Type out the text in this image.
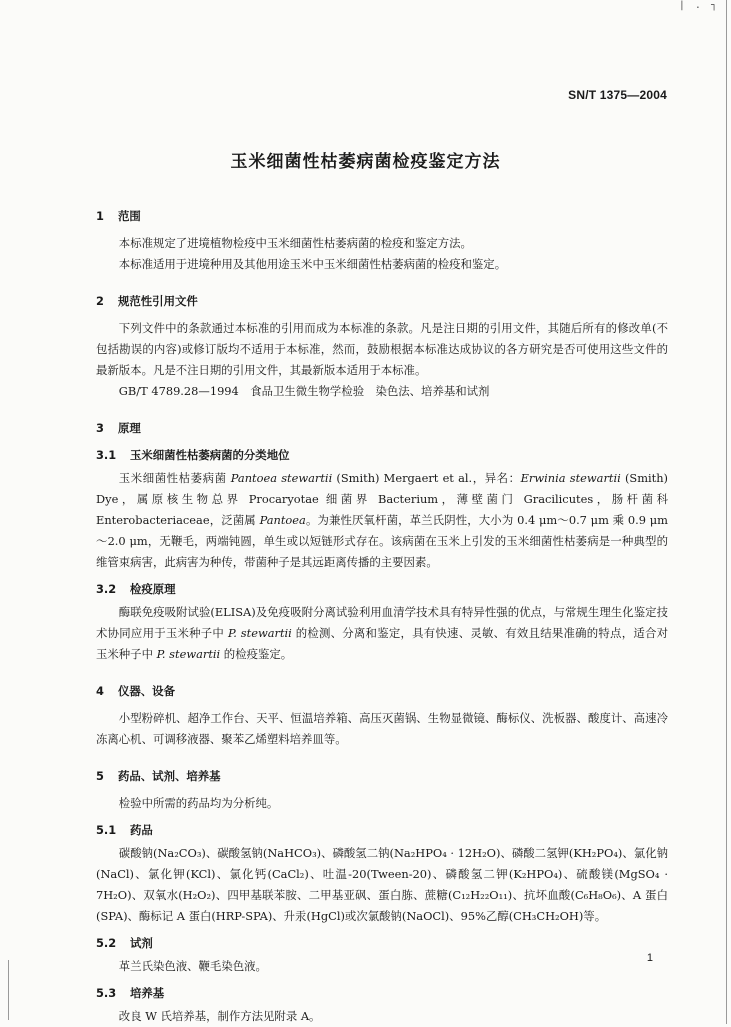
| . ┐
SN/T 1375—2004
玉米细菌性枯萎病菌检疫鉴定方法
1 范围

本标准规定了进境植物检疫中玉米细菌性枯萎病菌的检疫和鉴定方法。

本标准适用于进境种用及其他用途玉米中玉米细菌性枯萎病菌的检疫和鉴定。

2 规范性引用文件

下列文件中的条款通过本标准的引用而成为本标准的条款。凡是注日期的引用文件，其随后所有的修改单(不包括勘误的内容)或修订版均不适用于本标准，然而，鼓励根据本标准达成协议的各方研究是否可使用这些文件的最新版本。凡是不注日期的引用文件，其最新版本适用于本标准。

GB/T 4789.28—1994　食品卫生微生物学检验　染色法、培养基和试剂

3 原理
3.1 玉米细菌性枯萎病菌的分类地位

玉米细菌性枯萎病菌 Pantoea stewartii (Smith) Mergaert et al.，异名：Erwinia stewartii (Smith) Dye，属原核生物总界 Procaryotae 细菌界 Bacterium，薄壁菌门 Gracilicutes，肠杆菌科 Enterobacteriaceae，泛菌属 Pantoea。为兼性厌氧杆菌，革兰氏阴性，大小为 0.4 μm～0.7 μm 乘 0.9 μm～2.0 μm，无鞭毛，两端钝圆，单生或以短链形式存在。该病菌在玉米上引发的玉米细菌性枯萎病是一种典型的维管束病害，此病害为种传，带菌种子是其远距离传播的主要因素。

3.2 检疫原理

酶联免疫吸附试验(ELISA)及免疫吸附分离试验利用血清学技术具有特异性强的优点，与常规生理生化鉴定技术协同应用于玉米种子中 P. stewartii 的检测、分离和鉴定，具有快速、灵敏、有效且结果准确的特点，适合对玉米种子中 P. stewartii 的检疫鉴定。

4 仪器、设备

小型粉碎机、超净工作台、天平、恒温培养箱、高压灭菌锅、生物显微镜、酶标仪、洗板器、酸度计、高速冷冻离心机、可调移液器、聚苯乙烯塑料培养皿等。

5 药品、试剂、培养基

检验中所需的药品均为分析纯。

5.1 药品

碳酸钠(Na₂CO₃)、碳酸氢钠(NaHCO₃)、磷酸氢二钠(Na₂HPO₄ · 12H₂O)、磷酸二氢钾(KH₂PO₄)、氯化钠(NaCl)、氯化钾(KCl)、氯化钙(CaCl₂)、吐温-20(Tween-20)、磷酸氢二钾(K₂HPO₄)、硫酸镁(MgSO₄ · 7H₂O)、双氧水(H₂O₂)、四甲基联苯胺、二甲基亚砜、蛋白胨、蔗糖(C₁₂H₂₂O₁₁)、抗坏血酸(C₆H₈O₆)、A 蛋白(SPA)、酶标记 A 蛋白(HRP-SPA)、升汞(HgCl)或次氯酸钠(NaOCl)、95%乙醇(CH₃CH₂OH)等。

5.2 试剂

革兰氏染色液、鞭毛染色液。

5.3 培养基

改良 W 氏培养基，制作方法见附录 A。

1
